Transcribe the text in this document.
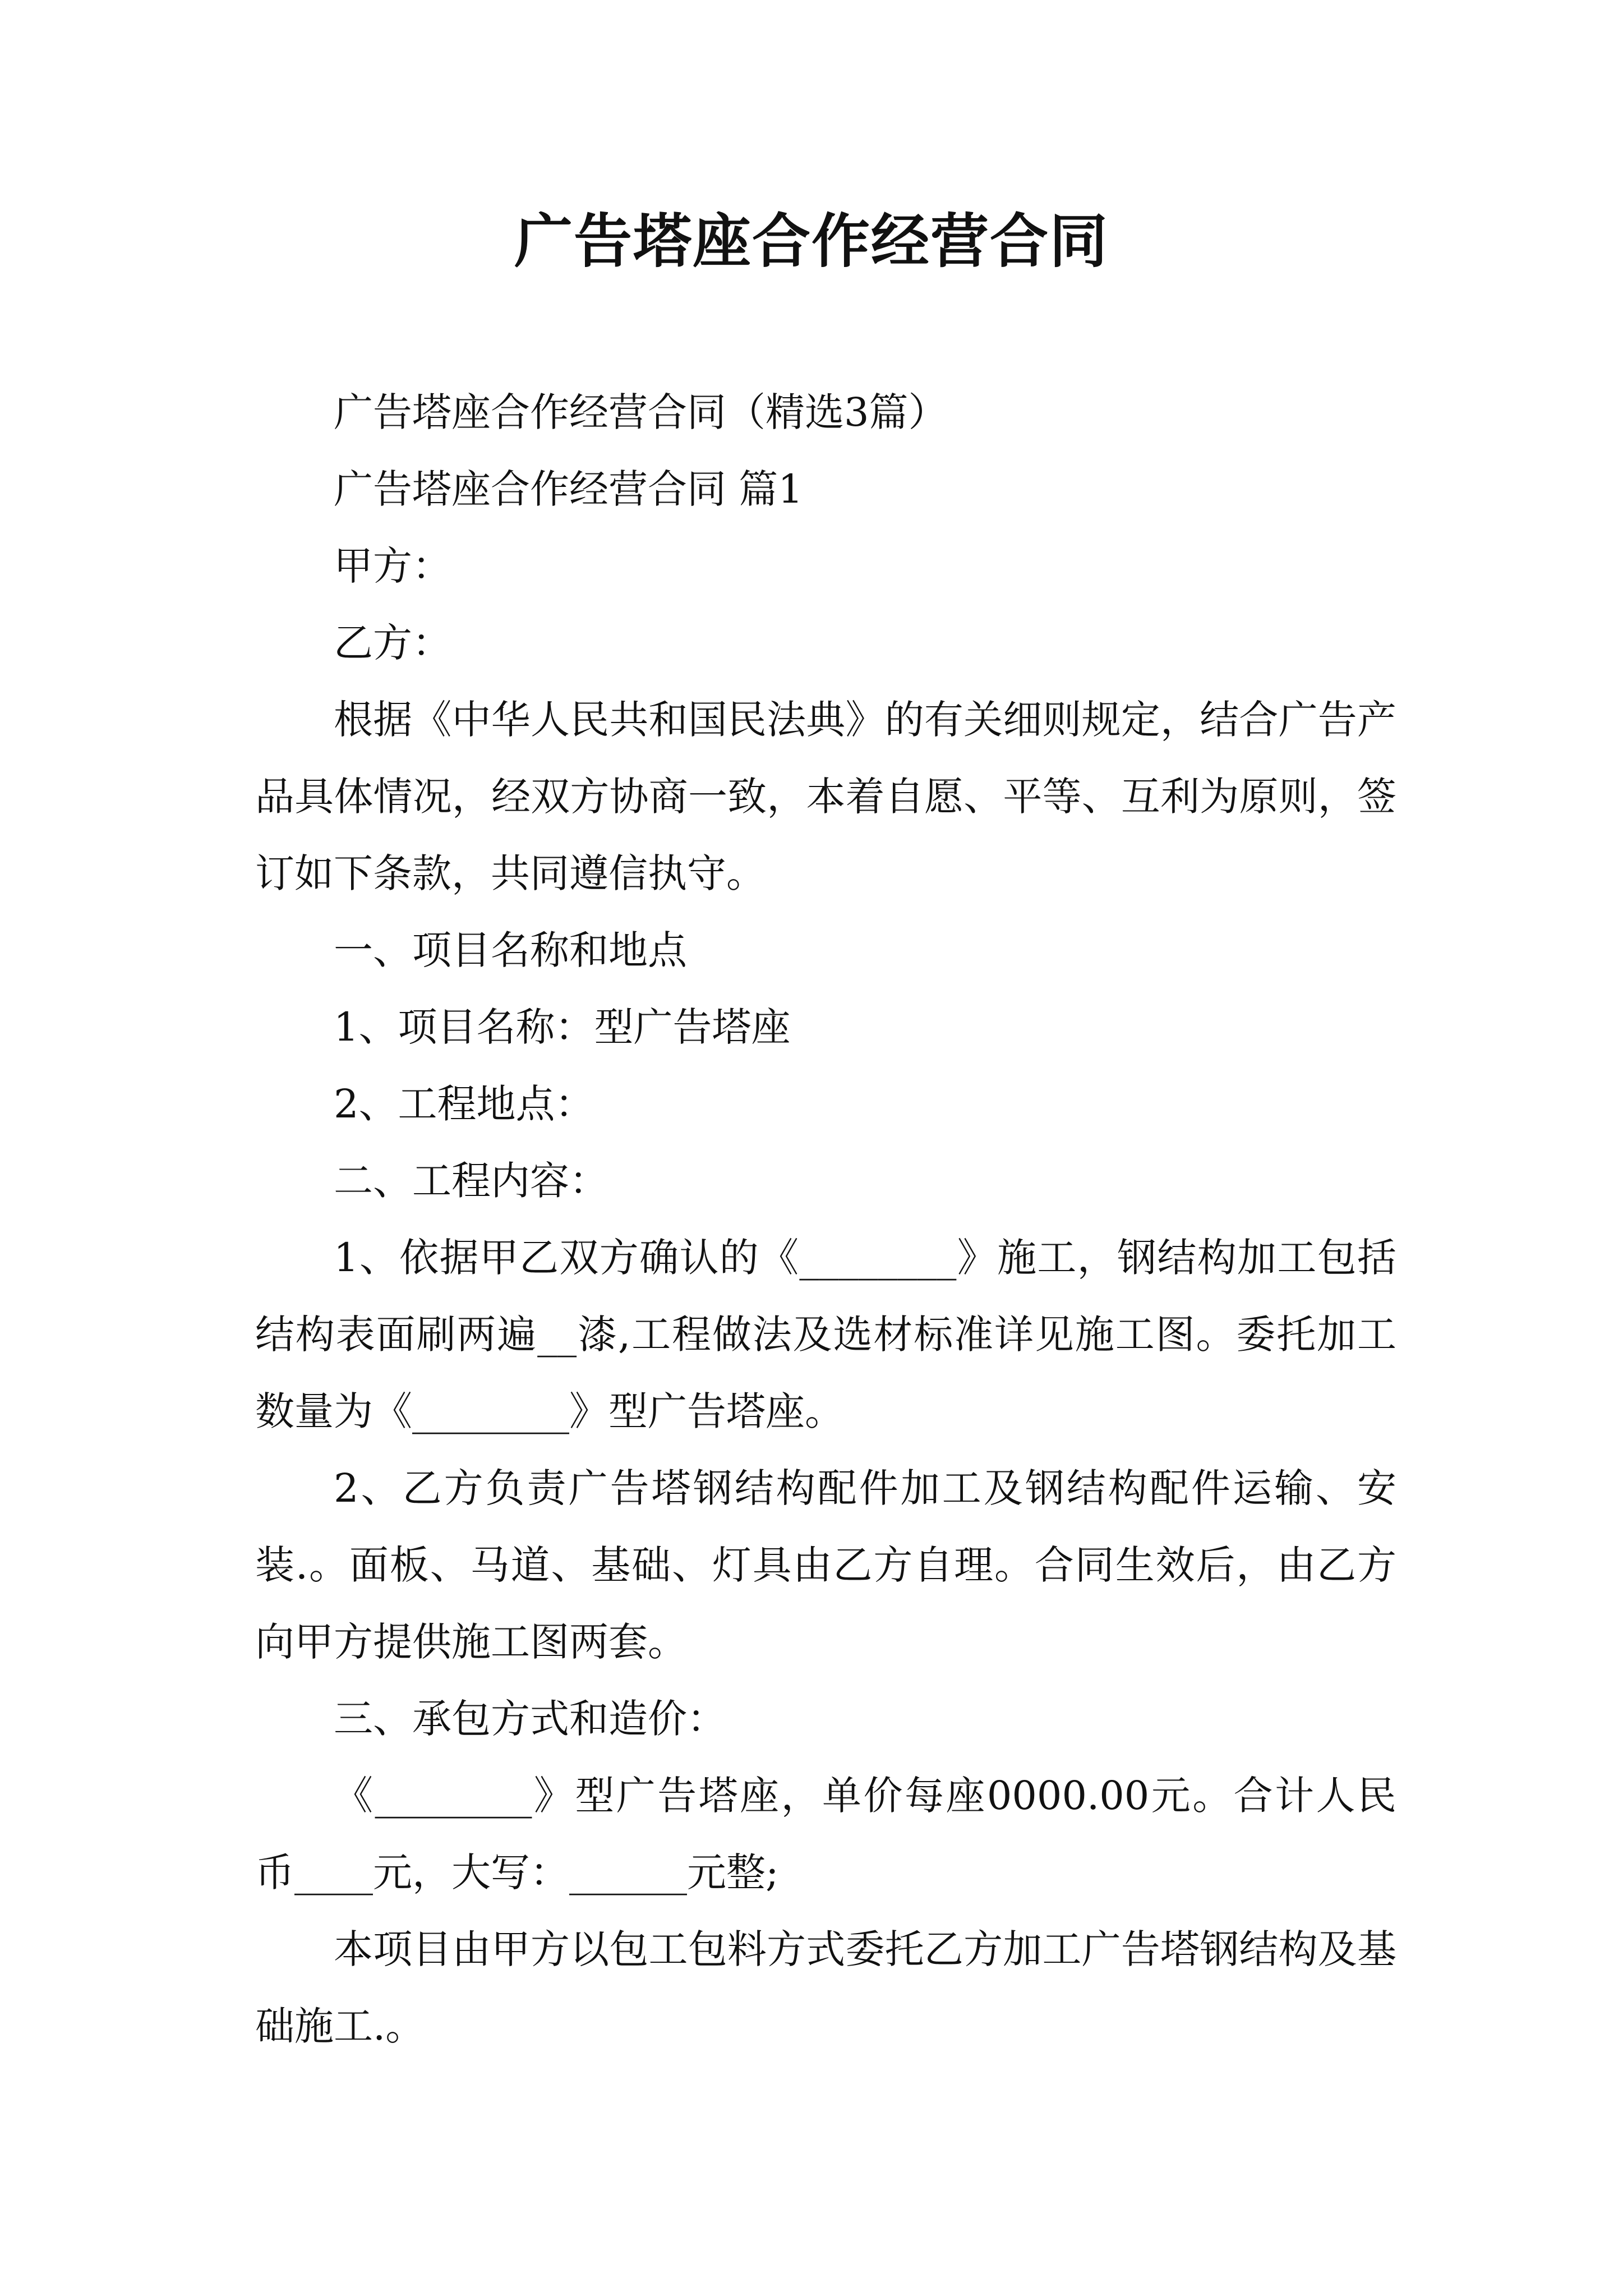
广告塔座合作经营合同

广告塔座合作经营合同（精选3篇）

广告塔座合作经营合同 篇1

甲方：

乙方：

根据《中华人民共和国民法典》的有关细则规定，结合广告产品具体情况，经双方协商一致，本着自愿、平等、互利为原则，签订如下条款，共同遵信执守。

一、项目名称和地点

1、项目名称：型广告塔座

2、工程地点：

二、工程内容：

1、依据甲乙双方确认的《________》施工，钢结构加工包括结构表面刷两遍__漆,工程做法及选材标准详见施工图。委托加工数量为《________》型广告塔座。

2、乙方负责广告塔钢结构配件加工及钢结构配件运输、安装.。面板、马道、基础、灯具由乙方自理。合同生效后，由乙方向甲方提供施工图两套。

三、承包方式和造价：

《________》型广告塔座，单价每座0000.00元。合计人民币____元，大写：______元整;

本项目由甲方以包工包料方式委托乙方加工广告塔钢结构及基础施工.。
